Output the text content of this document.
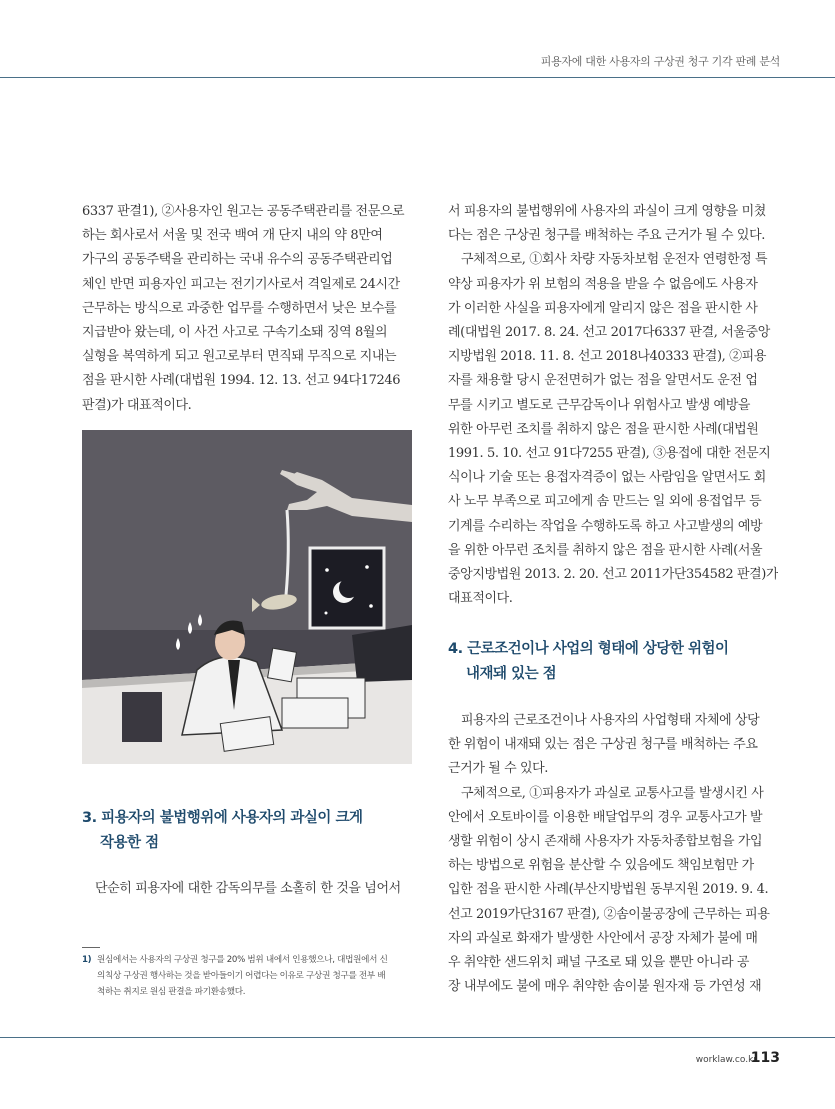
피용자에 대한 사용자의 구상권 청구 기각 판례 분석

6337 판결1), ②사용자인 원고는 공동주택관리를 전문으로
하는 회사로서 서울 및 전국 백여 개 단지 내의 약 8만여
가구의 공동주택을 관리하는 국내 유수의 공동주택관리업
체인 반면 피용자인 피고는 전기기사로서 격일제로 24시간
근무하는 방식으로 과중한 업무를 수행하면서 낮은 보수를
지급받아 왔는데, 이 사건 사고로 구속기소돼 징역 8월의
실형을 복역하게 되고 원고로부터 면직돼 무직으로 지내는
점을 판시한 사례(대법원 1994. 12. 13. 선고 94다17246
판결)가 대표적이다.

3. 피용자의 불법행위에 사용자의 과실이 크게
작용한 점

단순히 피용자에 대한 감독의무를 소홀히 한 것을 넘어서

1) 원심에서는 사용자의 구상권 청구를 20% 범위 내에서 인용했으나, 대법원에서 신
의칙상 구상권 행사하는 것을 받아들이기 어렵다는 이유로 구상권 청구를 전부 배
척하는 취지로 원심 판결을 파기환송했다.

서 피용자의 불법행위에 사용자의 과실이 크게 영향을 미쳤
다는 점은 구상권 청구를 배척하는 주요 근거가 될 수 있다.

구체적으로, ①회사 차량 자동차보험 운전자 연령한정 특
약상 피용자가 위 보험의 적용을 받을 수 없음에도 사용자
가 이러한 사실을 피용자에게 알리지 않은 점을 판시한 사
례(대법원 2017. 8. 24. 선고 2017다6337 판결, 서울중앙
지방법원 2018. 11. 8. 선고 2018나40333 판결), ②피용
자를 채용할 당시 운전면허가 없는 점을 알면서도 운전 업
무를 시키고 별도로 근무감독이나 위험사고 발생 예방을
위한 아무런 조치를 취하지 않은 점을 판시한 사례(대법원
1991. 5. 10. 선고 91다7255 판결), ③용접에 대한 전문지
식이나 기술 또는 용접자격증이 없는 사람임을 알면서도 회
사 노무 부족으로 피고에게 솜 만드는 일 외에 용접업무 등
기계를 수리하는 작업을 수행하도록 하고 사고발생의 예방
을 위한 아무런 조치를 취하지 않은 점을 판시한 사례(서울
중앙지방법원 2013. 2. 20. 선고 2011가단354582 판결)가
대표적이다.

4. 근로조건이나 사업의 형태에 상당한 위험이
내재돼 있는 점

피용자의 근로조건이나 사용자의 사업형태 자체에 상당
한 위험이 내재돼 있는 점은 구상권 청구를 배척하는 주요
근거가 될 수 있다.

구체적으로, ①피용자가 과실로 교통사고를 발생시킨 사
안에서 오토바이를 이용한 배달업무의 경우 교통사고가 발
생할 위험이 상시 존재해 사용자가 자동차종합보험을 가입
하는 방법으로 위험을 분산할 수 있음에도 책임보험만 가
입한 점을 판시한 사례(부산지방법원 동부지원 2019. 9. 4.
선고 2019가단3167 판결), ②솜이불공장에 근무하는 피용
자의 과실로 화재가 발생한 사안에서 공장 자체가 불에 매
우 취약한 샌드위치 패널 구조로 돼 있을 뿐만 아니라 공
장 내부에도 불에 매우 취약한 솜이불 원자재 등 가연성 재

worklaw.co.kr
113
